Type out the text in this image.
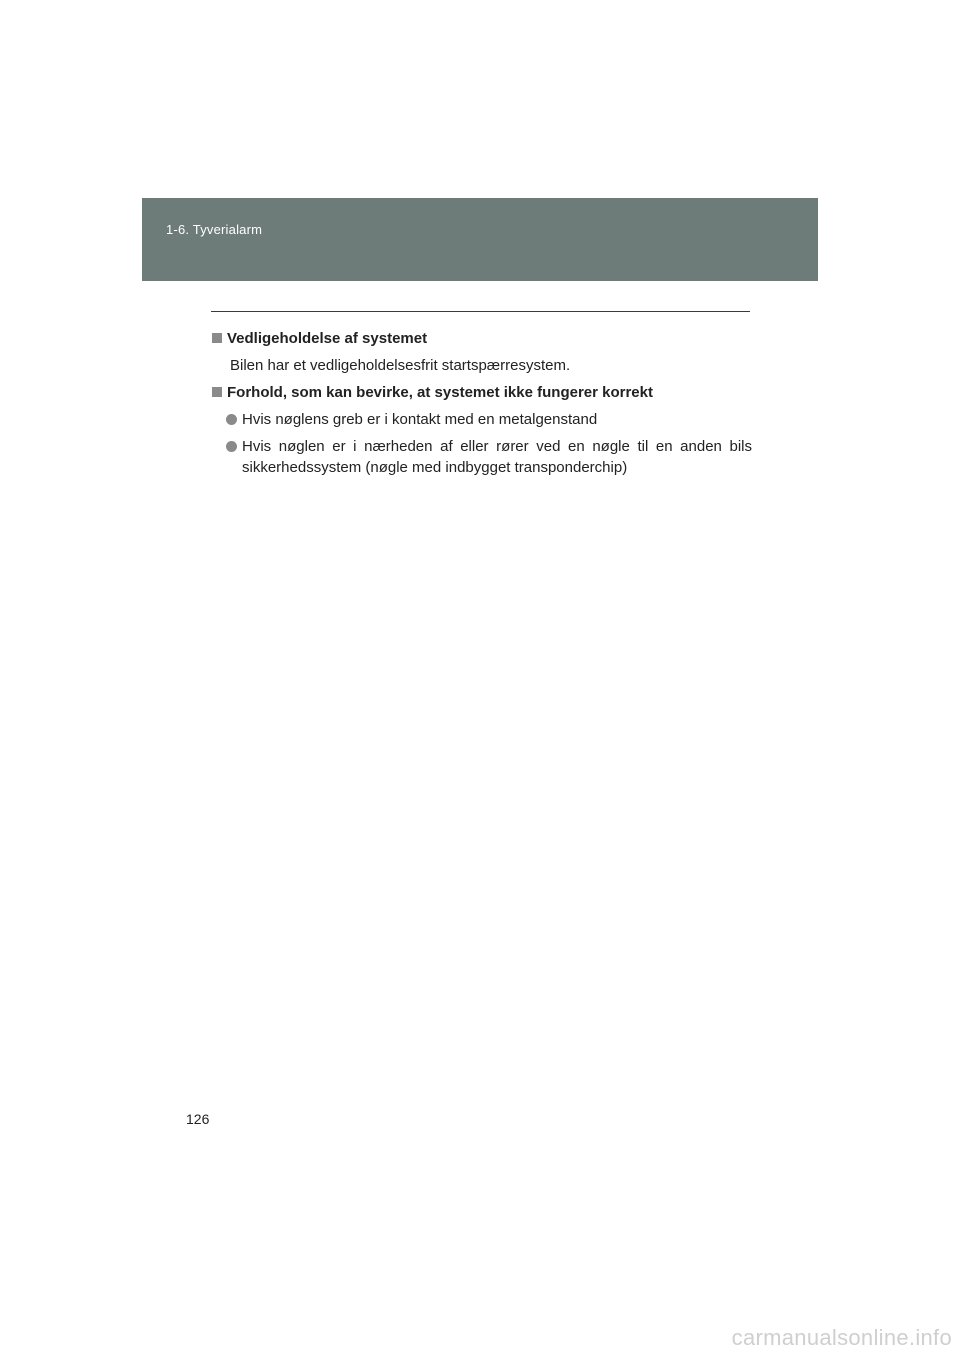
1-6. Tyverialarm
Vedligeholdelse af systemet
Bilen har et vedligeholdelsesfrit startspærresystem.
Forhold, som kan bevirke, at systemet ikke fungerer korrekt
Hvis nøglens greb er i kontakt med en metalgenstand
Hvis nøglen er i nærheden af eller rører ved en nøgle til en anden bils sikkerhedssystem (nøgle med indbygget transponderchip)
126
carmanualsonline.info
